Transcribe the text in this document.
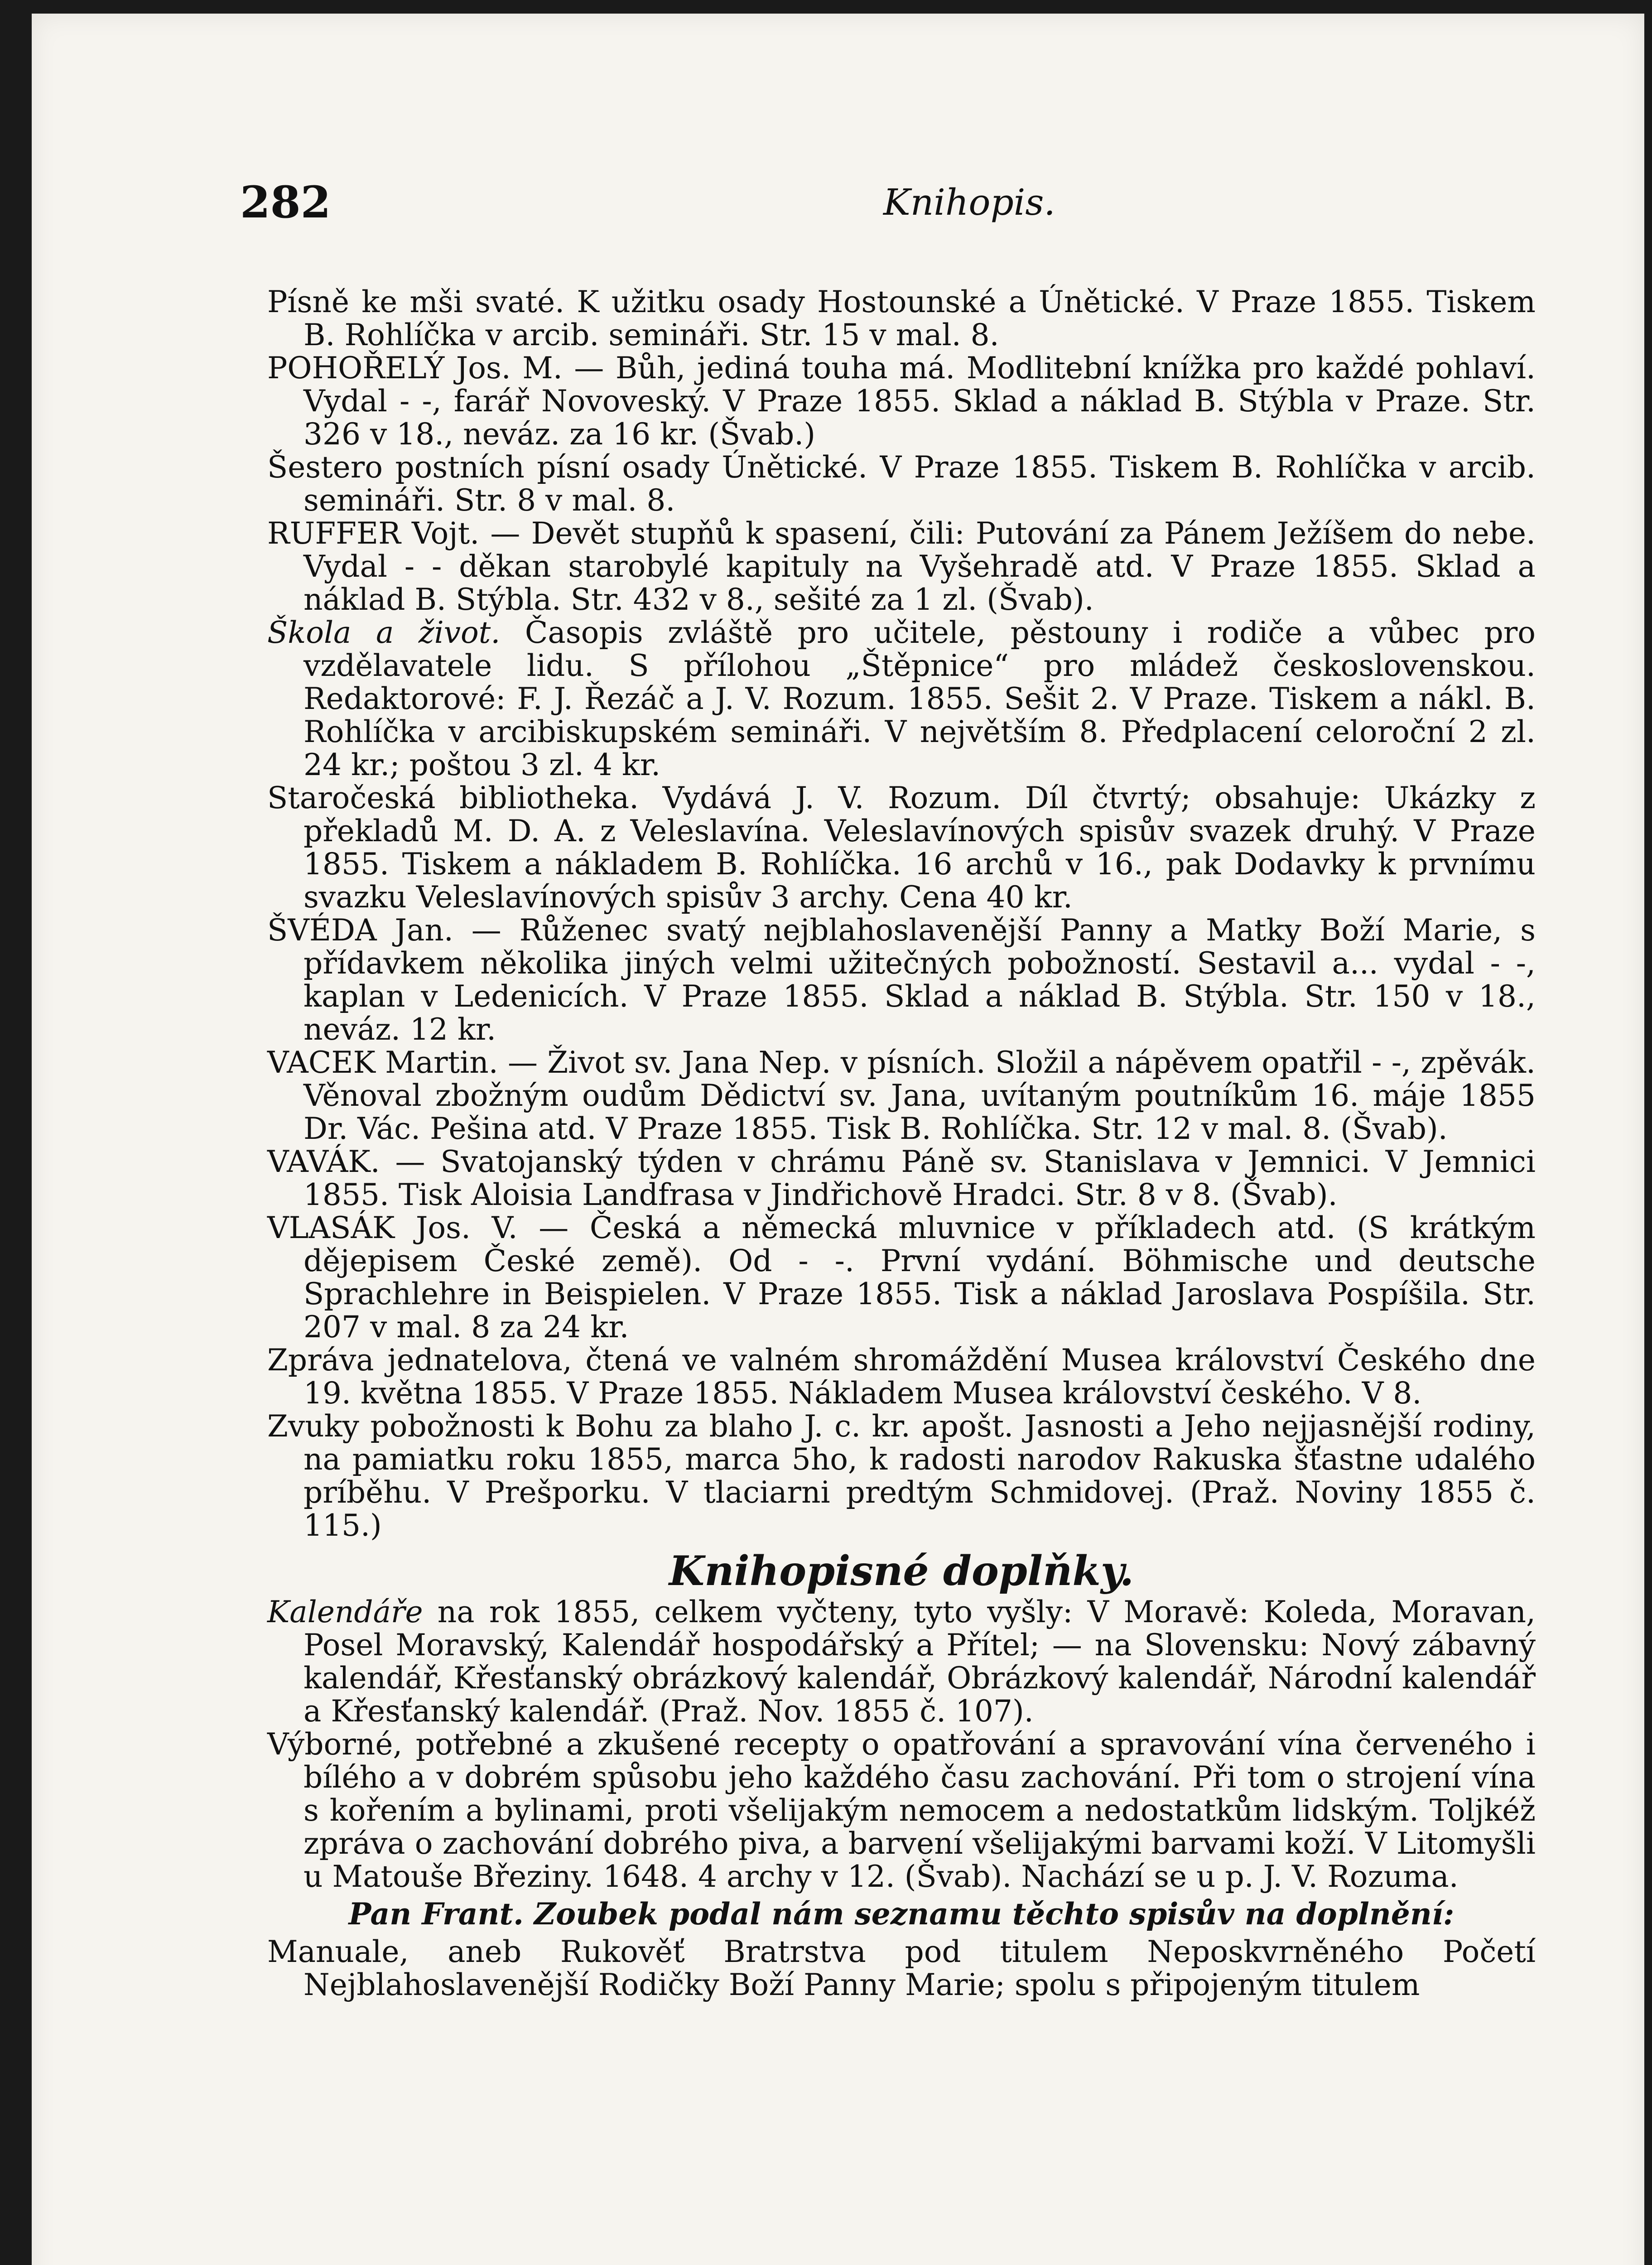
282	Knihopis.

Písně ke mši svaté. K užitku osady Hostounské a Únětické. V Praze 1855. Tiskem B. Rohlíčka v arcib. semináři. Str. 15 v mal. 8.

POHOŘELÝ Jos. M. — Bůh, jediná touha má. Modlitební knížka pro každé pohlaví. Vydal - -, farář Novoveský. V Praze 1855. Sklad a náklad B. Stýbla v Praze. Str. 326 v 18., neváz. za 16 kr. (Švab.)

Šestero postních písní osady Únětické. V Praze 1855. Tiskem B. Rohlíčka v arcib. semináři. Str. 8 v mal. 8.

RUFFER Vojt. — Devět stupňů k spasení, čili: Putování za Pánem Ježíšem do nebe. Vydal - - děkan starobylé kapituly na Vyšehradě atd. V Praze 1855. Sklad a náklad B. Stýbla. Str. 432 v 8., sešité za 1 zl. (Švab).

Škola a život. Časopis zvláště pro učitele, pěstouny i rodiče a vůbec pro vzdělavatele lidu. S přílohou „Štěpnice“ pro mládež československou. Redaktorové: F. J. Řezáč a J. V. Rozum. 1855. Sešit 2. V Praze. Tiskem a nákl. B. Rohlíčka v arcibiskupském semináři. V největším 8. Předplacení celoroční 2 zl. 24 kr.; poštou 3 zl. 4 kr.

Staročeská bibliotheka. Vydává J. V. Rozum. Díl čtvrtý; obsahuje: Ukázky z překladů M. D. A. z Veleslavína. Veleslavínových spisův svazek druhý. V Praze 1855. Tiskem a nákladem B. Rohlíčka. 16 archů v 16., pak Dodavky k prvnímu svazku Veleslavínových spisův 3 archy. Cena 40 kr.

ŠVÉDA Jan. — Růženec svatý nejblahoslavenější Panny a Matky Boží Marie, s přídavkem několika jiných velmi užitečných pobožností. Sestavil a... vydal - -, kaplan v Ledenicích. V Praze 1855. Sklad a náklad B. Stýbla. Str. 150 v 18., neváz. 12 kr.

VACEK Martin. — Život sv. Jana Nep. v písních. Složil a nápěvem opatřil - -, zpěvák. Věnoval zbožným oudům Dědictví sv. Jana, uvítaným poutníkům 16. máje 1855 Dr. Vác. Pešina atd. V Praze 1855. Tisk B. Rohlíčka. Str. 12 v mal. 8. (Švab).

VAVÁK. — Svatojanský týden v chrámu Páně sv. Stanislava v Jemnici. V Jemnici 1855. Tisk Aloisia Landfrasa v Jindřichově Hradci. Str. 8 v 8. (Švab).

VLASÁK Jos. V. — Česká a německá mluvnice v příkladech atd. (S krátkým dějepisem České země). Od - -. První vydání. Böhmische und deutsche Sprachlehre in Beispielen. V Praze 1855. Tisk a náklad Jaroslava Pospíšila. Str. 207 v mal. 8 za 24 kr.

Zpráva jednatelova, čtená ve valném shromáždění Musea království Českého dne 19. května 1855. V Praze 1855. Nákladem Musea království českého. V 8.

Zvuky pobožnosti k Bohu za blaho J. c. kr. apošt. Jasnosti a Jeho nejjasnější rodiny, na pamiatku roku 1855, marca 5ho, k radosti narodov Rakuska šťastne udalého príběhu. V Prešporku. V tlaciarni predtým Schmidovej. (Praž. Noviny 1855 č. 115.)

Knihopisné doplňky.

Kalendáře na rok 1855, celkem vyčteny, tyto vyšly: V Moravě: Koleda, Moravan, Posel Moravský, Kalendář hospodářský a Přítel; — na Slovensku: Nový zábavný kalendář, Křesťanský obrázkový kalendář, Obrázkový kalendář, Národní kalendář a Křesťanský kalendář. (Praž. Nov. 1855 č. 107).

Výborné, potřebné a zkušené recepty o opatřování a spravování vína červeného i bílého a v dobrém spůsobu jeho každého času zachování. Při tom o strojení vína s kořením a bylinami, proti všelijakým nemocem a nedostatkům lidským. Toljkéž zpráva o zachování dobrého piva, a barvení všelijakými barvami koží. V Litomyšli u Matouše Březiny. 1648. 4 archy v 12. (Švab). Nachází se u p. J. V. Rozuma.

Pan Frant. Zoubek podal nám seznamu těchto spisův na doplnění:

Manuale, aneb Rukověť Bratrstva pod titulem Neposkvrněného Početí Nejblahoslavenější Rodičky Boží Panny Marie; spolu s připojeným titulem
